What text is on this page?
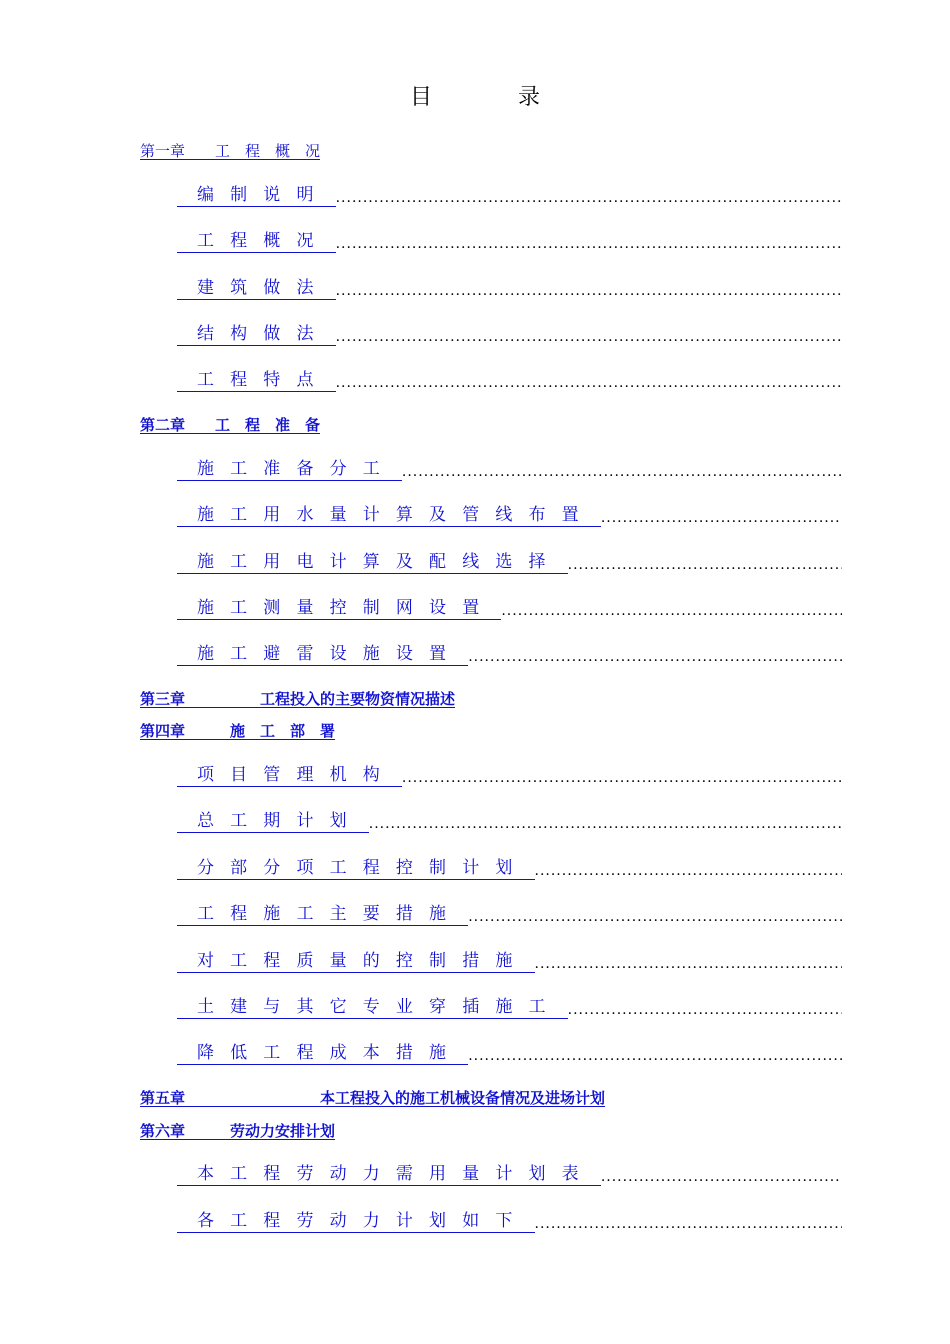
目录
第一章  工 程 概 况
编制说明
.....
工程概况
.....
建筑做法
.....
结构做法
.....
工程特点
.....
第二章  工 程 准 备
施工准备分工
.....
施工用水量计算及管线布置
.....
施工用电计算及配线选择
.....
施工测量控制网设置
.....
施工避雷设施设置
.....
第三章     工程投入的主要物资情况描述
第四章   施 工 部 署
项目管理机构
.....
总工期计划
.....
分部分项工程控制计划
.....
工程施工主要措施
.....
对工程质量的控制措施
.....
土建与其它专业穿插施工
.....
降低工程成本措施
.....
第五章         本工程投入的施工机械设备情况及进场计划
第六章   劳动力安排计划
本工程劳动力需用量计划表
.....
各工程劳动力计划如下
.....
